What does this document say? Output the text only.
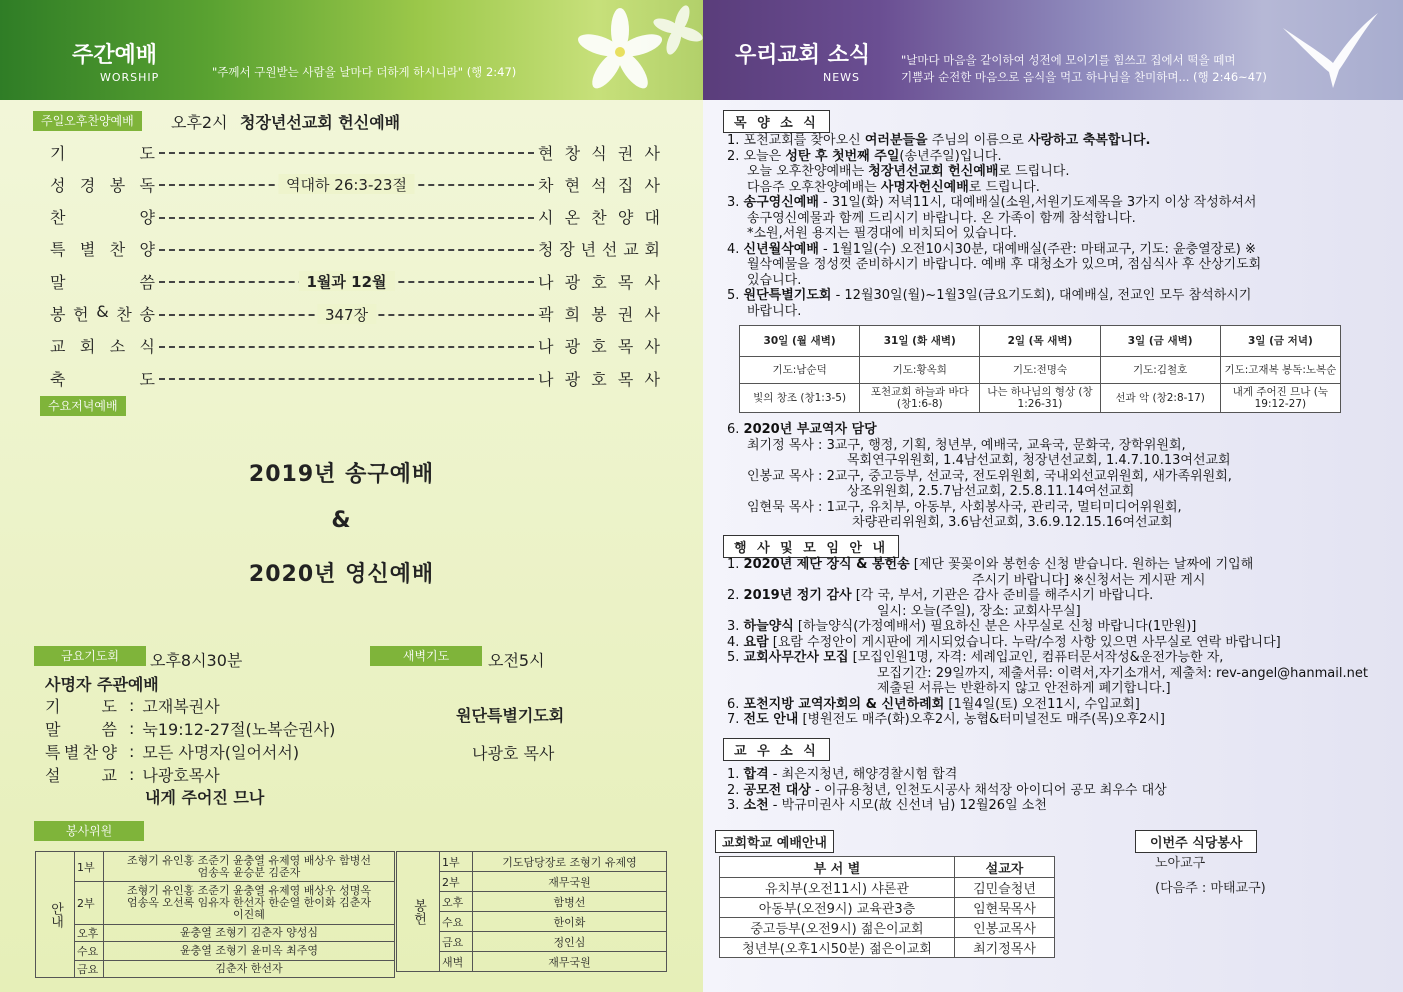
주간예배
WORSHIP	"주께서 구원받는 사람을 날마다 더하게 하시니라" (행 2:47)
주일오후찬양예배	오후2시 청장년선교회 헌신예배
기	도	현 창 식 권 사
성 경 봉 독	역대하 26:3-23절	차 현 석 집 사
찬	양	시 온 찬 양 대
특 별 찬 양	청 장 년 선 교 회
말	씀	1월과 12월	나 광 호 목 사
봉 헌 & 찬 송	347장	곽 희 봉 권 사
교 회 소 식	나 광 호 목 사
축	도	나 광 호 목 사
수요저녁예배
2019년 송구예배
&
2020년 영신예배
금요기도회	오후8시30분
사명자 주관예배
기	도 : 고재복권사
말	씀 : 눅19:12-27절(노복순권사)
특 별 찬 양 : 모든 사명자(일어서서)
설	교 : 나광호목사
내게 주어진 므나
새벽기도	오전5시
원단특별기도회
나광호 목사
봉사위원
안내	1부	조형기 유인홍 조준기 윤충열 유제영 배상우 함병선 엄송옥 윤승분 김준자
	2부	조형기 유인홍 조준기 윤충열 유제영 배상우 성명옥 엄송옥 오선록 임유자 한선자 한순열 한이화 김춘자 이진혜
	오후	윤충열 조형기 김춘자 양성심
	수요	윤충열 조형기 윤미옥 최주영
	금요	김춘자 한선자
봉헌	1부	기도담당장로 조형기 유제영
	2부	재무국원
	오후	함병선
	수요	한이화
	금요	정인심
	새벽	재무국원
우리교회 소식
NEWS
"날마다 마음을 같이하여 성전에 모이기를 힘쓰고 집에서 떡을 떼며
기쁨과 순전한 마음으로 음식을 먹고 하나님을 찬미하며... (행 2:46~47)
목 양 소 식
1. 포천교회를 찾아오신 여러분들을 주님의 이름으로 사랑하고 축복합니다.
2. 오늘은 성탄 후 첫번째 주일(송년주일)입니다.
오늘 오후찬양예배는 청장년선교회 헌신예배로 드립니다.
다음주 오후찬양예배는 사명자헌신예배로 드립니다.
3. 송구영신예배 - 31일(화) 저녁11시, 대예배실(소원,서원기도제목을 3가지 이상 작성하셔서
송구영신예물과 함께 드리시기 바랍니다. 온 가족이 함께 참석합니다.
*소원,서원 용지는 필경대에 비치되어 있습니다.
4. 신년월삭예배 - 1월1일(수) 오전10시30분, 대예배실(주관: 마태교구, 기도: 윤충열장로) ※
월삭예물을 정성껏 준비하시기 바랍니다. 예배 후 대청소가 있으며, 점심식사 후 산상기도회
있습니다.
5. 원단특별기도회 - 12월30일(월)~1월3일(금요기도회), 대예배실, 전교인 모두 참석하시기
바랍니다.
30일 (월 새벽)	31일 (화 새벽)	2일 (목 새벽)	3일 (금 새벽)	3일 (금 저녁)
기도:남순덕	기도:황옥희	기도:전명숙	기도:김철호	기도:고재복 봉독:노복순
빛의 창조 (창1:3-5)	포천교회 하늘과 바다 (창1:6-8)	나는 하나님의 형상 (창1:26-31)	선과 악 (창2:8-17)	내게 주어진 므나 (눅19:12-27)
6. 2020년 부교역자 담당
최기정 목사 : 3교구, 행정, 기획, 청년부, 예배국, 교육국, 문화국, 장학위원회,
목회연구위원회, 1.4남선교회, 청장년선교회, 1.4.7.10.13여선교회
인봉교 목사 : 2교구, 중고등부, 선교국, 전도위원회, 국내외선교위원회, 새가족위원회,
상조위원회, 2.5.7남선교회, 2.5.8.11.14여선교회
임현묵 목사 : 1교구, 유치부, 아동부, 사회봉사국, 관리국, 멀티미디어위원회,
차량관리위원회, 3.6남선교회, 3.6.9.12.15.16여선교회
행 사 및 모 임 안 내
1. 2020년 제단 장식 & 봉헌송 [제단 꽃꽂이와 봉헌송 신청 받습니다. 원하는 날짜에 기입해
주시기 바랍니다] ※신청서는 게시판 게시
2. 2019년 정기 감사 [각 국, 부서, 기관은 감사 준비를 해주시기 바랍니다.
일시: 오늘(주일), 장소: 교회사무실]
3. 하늘양식 [하늘양식(가정예배서) 필요하신 분은 사무실로 신청 바랍니다(1만원)]
4. 요람 [요람 수정안이 게시판에 게시되었습니다. 누락/수정 사항 있으면 사무실로 연락 바랍니다]
5. 교회사무간사 모집 [모집인원1명, 자격: 세례입교인, 컴퓨터문서작성&운전가능한 자,
모집기간: 29일까지, 제출서류: 이력서,자기소개서, 제출처: rev-angel@hanmail.net
제출된 서류는 반환하지 않고 안전하게 폐기합니다.]
6. 포천지방 교역자회의 & 신년하례회 [1월4일(토) 오전11시, 수입교회]
7. 전도 안내 [병원전도 매주(화)오후2시, 농협&터미널전도 매주(목)오후2시]
교 우 소 식
1. 합격 - 최은지청년, 해양경찰시험 합격
2. 공모전 대상 - 이규용청년, 인천도시공사 채석장 아이디어 공모 최우수 대상
3. 소천 - 박규미권사 시모(故 신선녀 님) 12월26일 소천
교회학교 예배안내
부 서 별	설교자
유치부(오전11시) 샤론관	김민슬청년
아동부(오전9시) 교육관3층	임현묵목사
중고등부(오전9시) 젊은이교회	인봉교목사
청년부(오후1시50분) 젊은이교회	최기정목사
이번주 식당봉사
노아교구
(다음주 : 마태교구)
